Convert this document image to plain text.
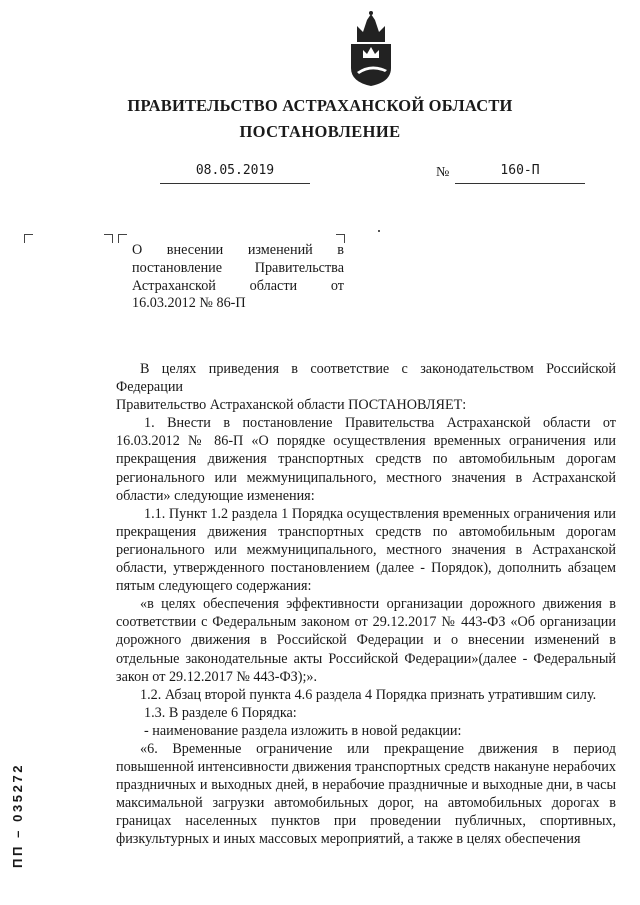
ПРАВИТЕЛЬСТВО АСТРАХАНСКОЙ ОБЛАСТИ
ПОСТАНОВЛЕНИЕ
08.05.2019	№	160-П
О внесении изменений в постановление Правительства Астраханской области от 16.03.2012 № 86-П

В целях приведения в соответствие с законодательством Российской Федерации

Правительство Астраханской области ПОСТАНОВЛЯЕТ:

1. Внести в постановление Правительства Астраханской области от 16.03.2012 № 86-П «О порядке осуществления временных ограничения или прекращения движения транспортных средств по автомобильным дорогам регионального или межмуниципального, местного значения в Астраханской области» следующие изменения:

1.1. Пункт 1.2 раздела 1 Порядка осуществления временных ограничения или прекращения движения транспортных средств по автомобильным дорогам регионального или межмуниципального, местного значения в Астраханской области, утвержденного постановлением (далее - Порядок), дополнить абзацем пятым следующего содержания:

«в целях обеспечения эффективности организации дорожного движения в соответствии с Федеральным законом от 29.12.2017 № 443-ФЗ «Об организации дорожного движения в Российской Федерации и о внесении изменений в отдельные законодательные акты Российской Федерации»(далее - Федеральный закон от 29.12.2017 № 443-ФЗ);».

1.2. Абзац второй пункта 4.6 раздела 4 Порядка признать утратившим силу.

1.3. В разделе 6 Порядка:

- наименование раздела изложить в новой редакции:

«6. Временные ограничение или прекращение движения в период повышенной интенсивности движения транспортных средств накануне нерабочих праздничных и выходных дней, в нерабочие праздничные и выходные дни, в часы максимальной загрузки автомобильных дорог, на автомобильных дорогах в границах населенных пунктов при проведении публичных, спортивных, физкультурных и иных массовых мероприятий, а также в целях обеспечения

ПП – 035272
